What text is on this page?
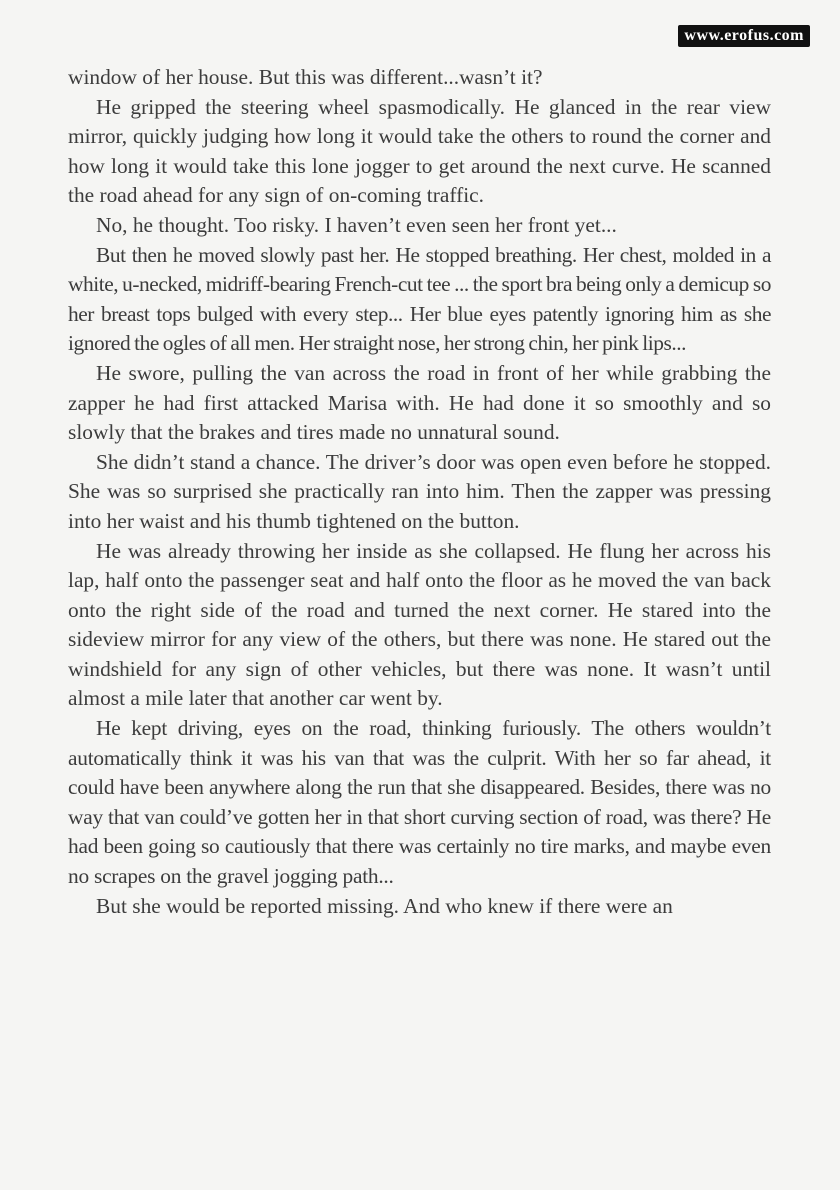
www.erofus.com

window of her house. But this was different...wasn’t it?

He gripped the steering wheel spasmodically. He glanced in the rear view mirror, quickly judging how long it would take the others to round the corner and how long it would take this lone jogger to get around the next curve. He scanned the road ahead for any sign of on-coming traffic.

No, he thought. Too risky. I haven’t even seen her front yet...

But then he moved slowly past her. He stopped breathing. Her chest, molded in a white, u-necked, midriff-bearing French-cut tee ... the sport bra being only a demicup so her breast tops bulged with every step... Her blue eyes patently ignoring him as she ignored the ogles of all men. Her straight nose, her strong chin, her pink lips...

He swore, pulling the van across the road in front of her while grabbing the zapper he had first attacked Marisa with. He had done it so smoothly and so slowly that the brakes and tires made no unnatural sound.

She didn’t stand a chance. The driver’s door was open even before he stopped. She was so surprised she practically ran into him. Then the zapper was pressing into her waist and his thumb tightened on the button.

He was already throwing her inside as she collapsed. He flung her across his lap, half onto the passenger seat and half onto the floor as he moved the van back onto the right side of the road and turned the next corner. He stared into the sideview mirror for any view of the others, but there was none. He stared out the windshield for any sign of other vehicles, but there was none. It wasn’t until almost a mile later that another car went by.

He kept driving, eyes on the road, thinking furiously. The others wouldn’t automatically think it was his van that was the culprit. With her so far ahead, it could have been anywhere along the run that she disappeared. Besides, there was no way that van could’ve gotten her in that short curving section of road, was there? He had been going so cautiously that there was certainly no tire marks, and maybe even no scrapes on the gravel jogging path...

But she would be reported missing. And who knew if there were an
